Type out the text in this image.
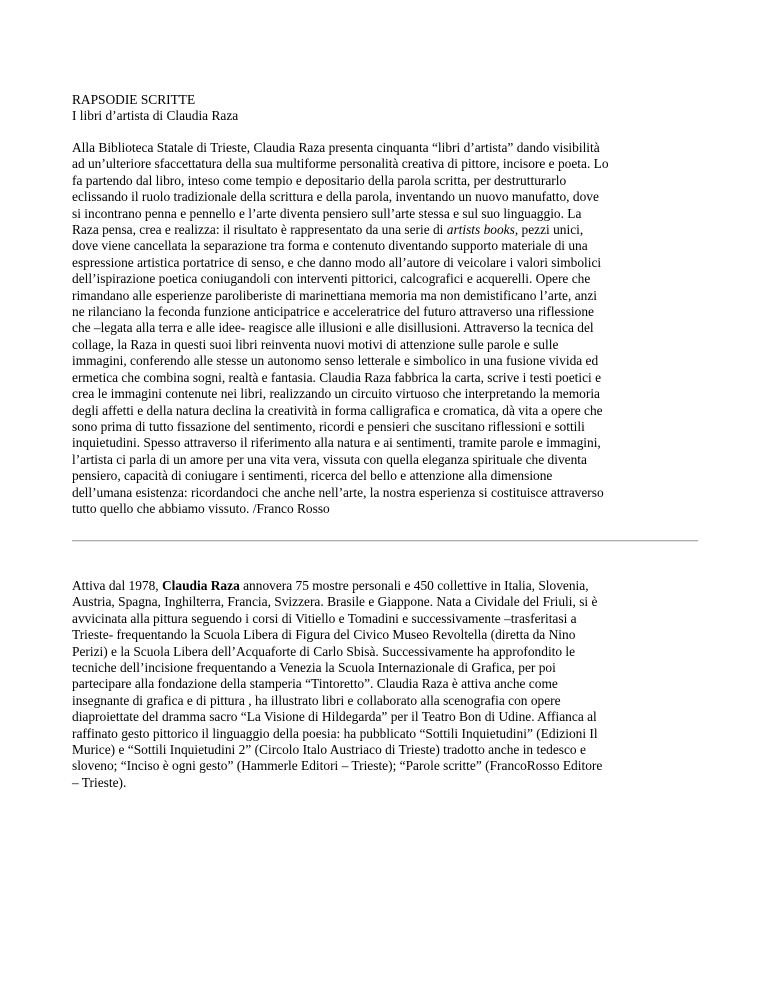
RAPSODIE SCRITTE
I libri d’artista di Claudia Raza
Alla Biblioteca Statale di Trieste, Claudia Raza presenta cinquanta “libri d’artista” dando visibilità
ad un’ulteriore sfaccettatura della sua multiforme personalità creativa di pittore, incisore e poeta. Lo
fa partendo dal libro, inteso come tempio e depositario della parola scritta, per destrutturarlo
eclissando il ruolo tradizionale della scrittura e della parola, inventando un nuovo manufatto, dove
si incontrano penna e pennello e l’arte diventa pensiero sull’arte stessa e sul suo linguaggio. La
Raza pensa, crea e realizza: il risultato è rappresentato da una serie di artists books, pezzi unici,
dove viene cancellata la separazione tra forma e contenuto diventando supporto materiale di una
espressione artistica portatrice di senso, e che danno modo all’autore di veicolare i valori simbolici
dell’ispirazione poetica coniugandoli con interventi pittorici, calcografici e acquerelli. Opere che
rimandano alle esperienze paroliberiste di marinettiana memoria ma non demistificano l’arte, anzi
ne rilanciano la feconda funzione anticipatrice e acceleratrice del futuro attraverso una riflessione
che –legata alla terra e alle idee- reagisce alle illusioni e alle disillusioni. Attraverso la tecnica del
collage, la Raza in questi suoi libri reinventa nuovi motivi di attenzione sulle parole e sulle
immagini, conferendo alle stesse un autonomo senso letterale e simbolico in una fusione vivida ed
ermetica che combina sogni, realtà e fantasia. Claudia Raza fabbrica la carta, scrive i testi poetici e
crea le immagini contenute nei libri, realizzando un circuito virtuoso che interpretando la memoria
degli affetti e della natura declina la creatività in forma calligrafica e cromatica, dà vita a opere che
sono prima di tutto fissazione del sentimento, ricordi e pensieri che suscitano riflessioni e sottili
inquietudini. Spesso attraverso il riferimento alla natura e ai sentimenti, tramite parole e immagini,
l’artista ci parla di un amore per una vita vera, vissuta con quella eleganza spirituale che diventa
pensiero, capacità di coniugare i sentimenti, ricerca del bello e attenzione alla dimensione
dell’umana esistenza: ricordandoci che anche nell’arte, la nostra esperienza si costituisce attraverso
tutto quello che abbiamo vissuto. /Franco Rosso
Attiva dal 1978, Claudia Raza annovera 75 mostre personali e 450 collettive in Italia, Slovenia,
Austria, Spagna, Inghilterra, Francia, Svizzera. Brasile e Giappone. Nata a Cividale del Friuli, si è
avvicinata alla pittura seguendo i corsi di Vitiello e Tomadini e successivamente –trasferitasi a
Trieste- frequentando la Scuola Libera di Figura del Civico Museo Revoltella (diretta da Nino
Perizi) e la Scuola Libera dell’Acquaforte di Carlo Sbisà. Successivamente ha approfondito le
tecniche dell’incisione frequentando a Venezia la Scuola Internazionale di Grafica, per poi
partecipare alla fondazione della stamperia “Tintoretto”. Claudia Raza è attiva anche come
insegnante di grafica e di pittura , ha illustrato libri e collaborato alla scenografia con opere
diaproiettate del dramma sacro “La Visione di Hildegarda” per il Teatro Bon di Udine. Affianca al
raffinato gesto pittorico il linguaggio della poesia: ha pubblicato “Sottili Inquietudini” (Edizioni Il
Murice) e “Sottili Inquietudini 2” (Circolo Italo Austriaco di Trieste) tradotto anche in tedesco e
sloveno; “Inciso è ogni gesto” (Hammerle Editori – Trieste); “Parole scritte” (FrancoRosso Editore
– Trieste).
